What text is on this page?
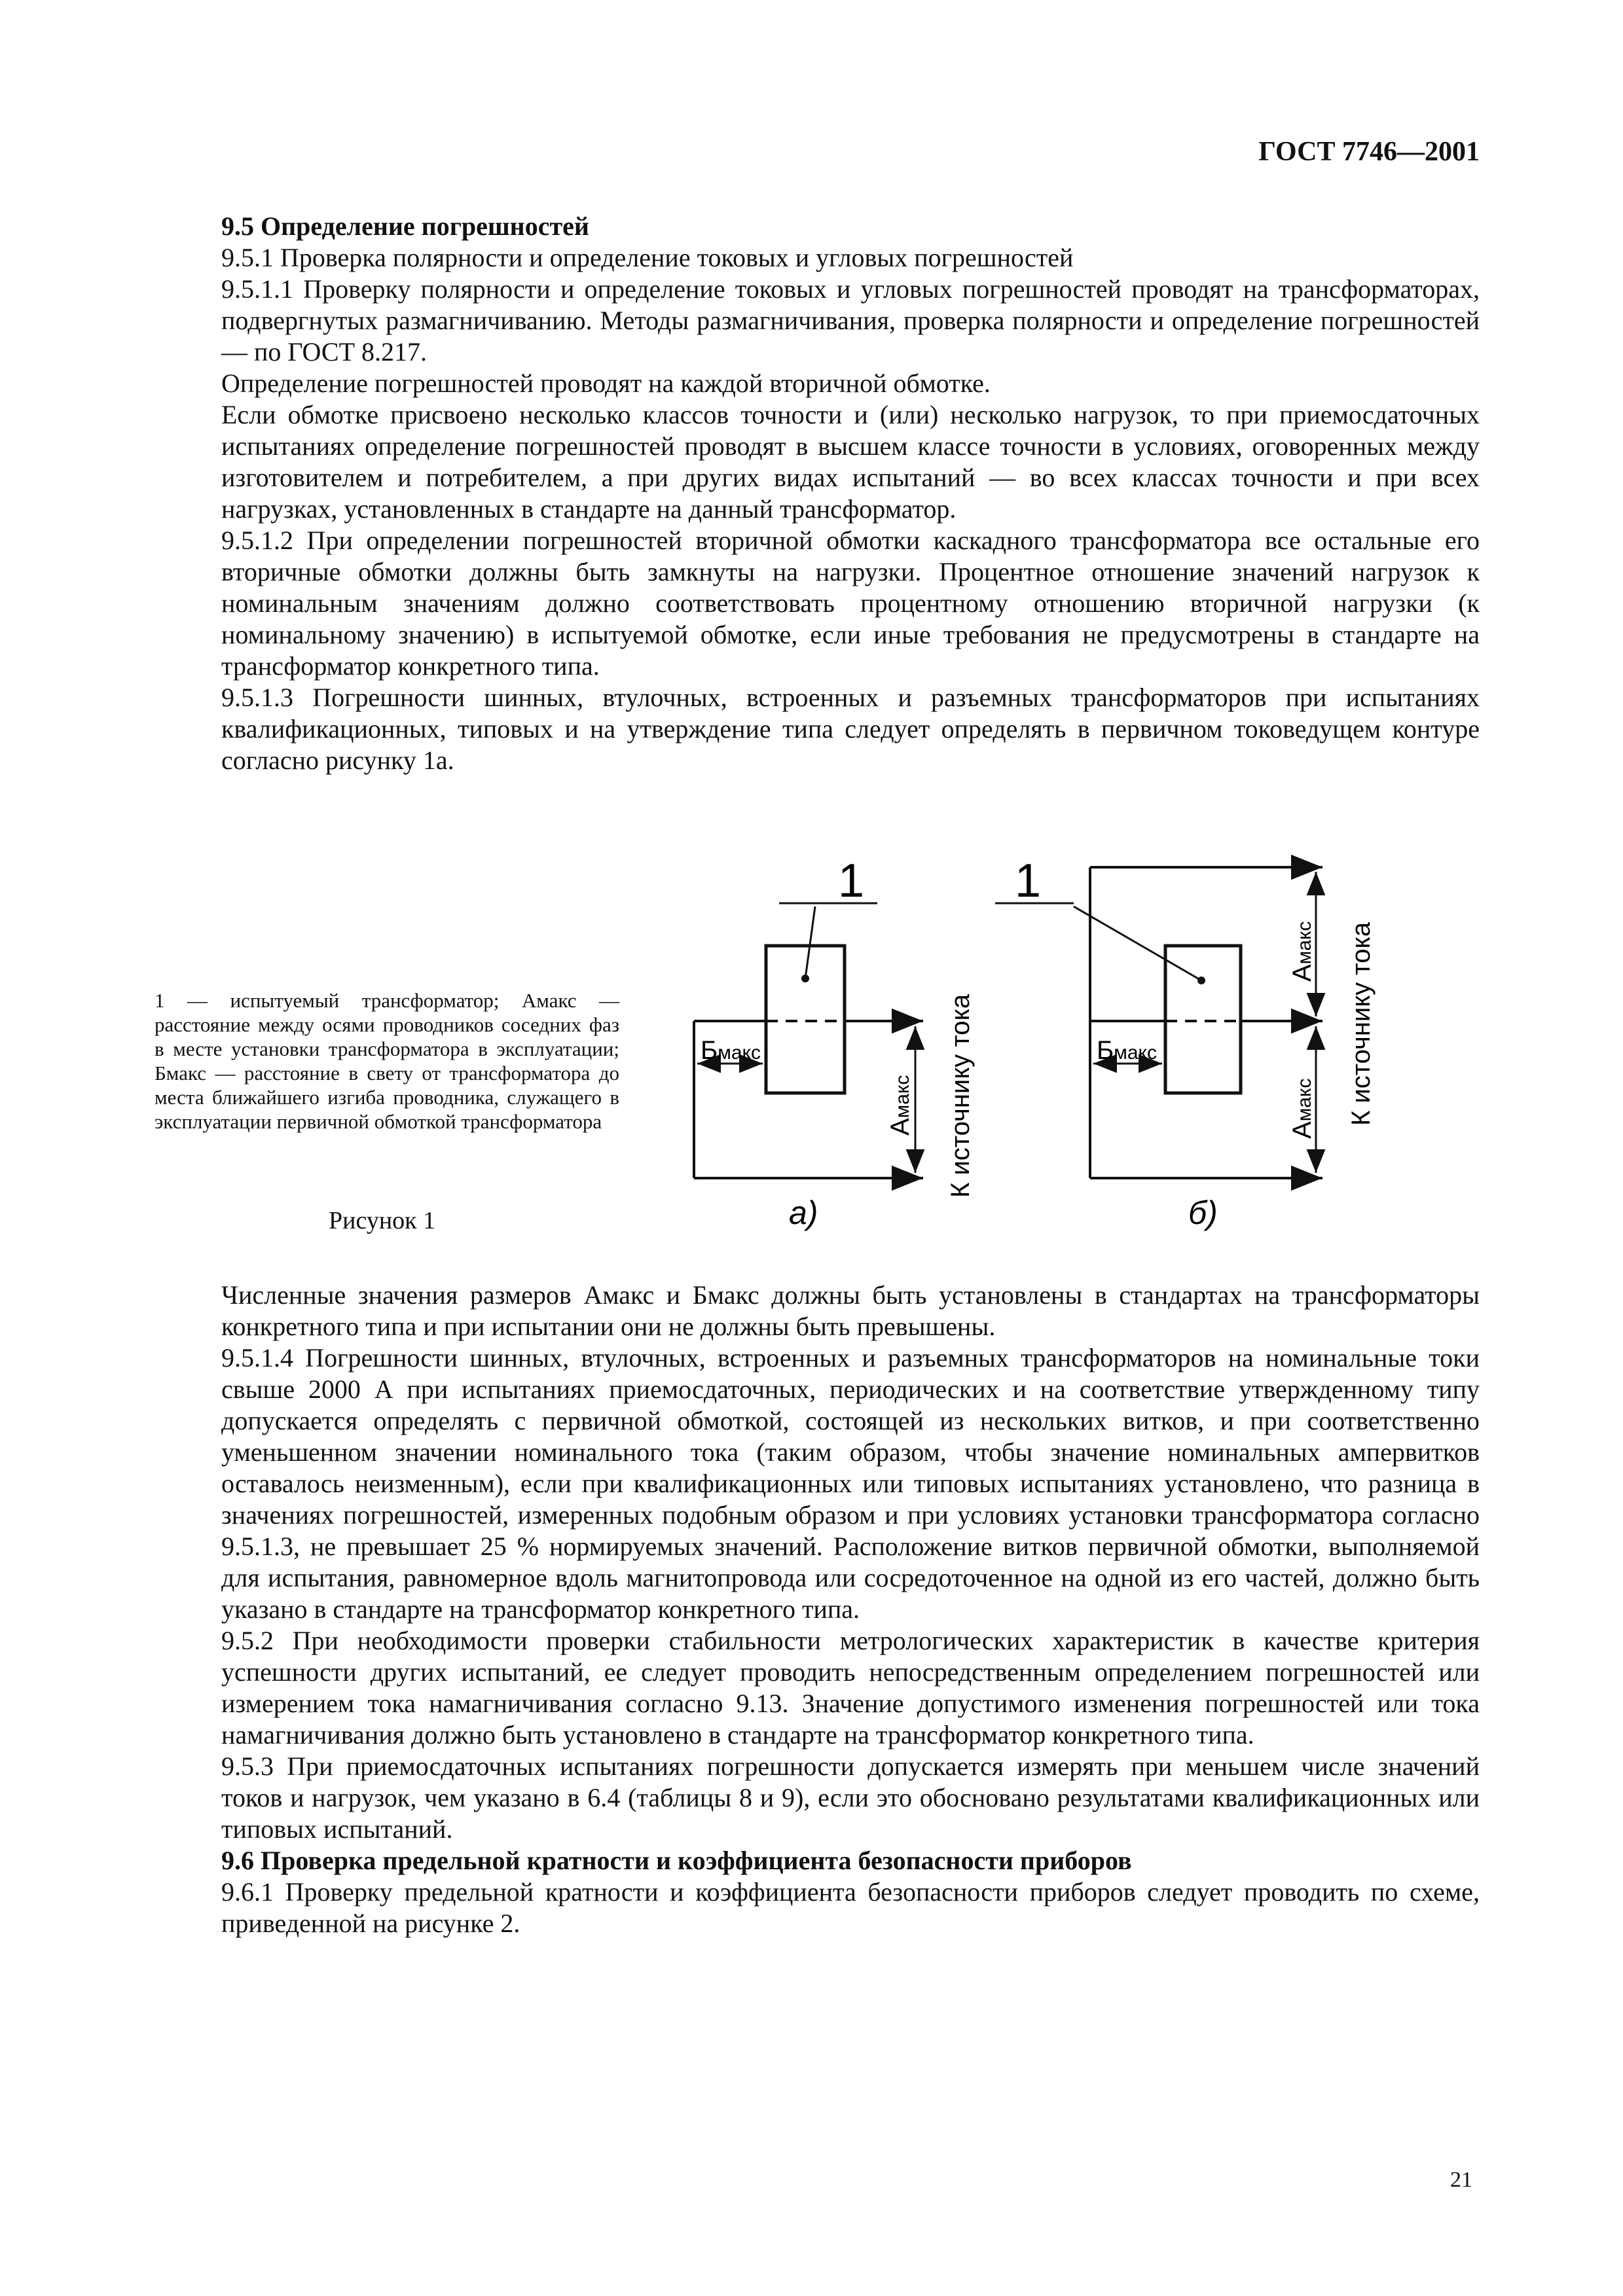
ГОСТ 7746—2001

9.5 Определение погрешностей

9.5.1 Проверка полярности и определение токовых и угловых погрешностей

9.5.1.1 Проверку полярности и определение токовых и угловых погрешностей проводят на трансформаторах, подвергнутых размагничиванию. Методы размагничивания, проверка полярности и определение погрешностей — по ГОСТ 8.217.

Определение погрешностей проводят на каждой вторичной обмотке.

Если обмотке присвоено несколько классов точности и (или) несколько нагрузок, то при приемосдаточных испытаниях определение погрешностей проводят в высшем классе точности в условиях, оговоренных между изготовителем и потребителем, а при других видах испытаний — во всех классах точности и при всех нагрузках, установленных в стандарте на данный трансформатор.

9.5.1.2 При определении погрешностей вторичной обмотки каскадного трансформатора все остальные его вторичные обмотки должны быть замкнуты на нагрузки. Процентное отношение значений нагрузок к номинальным значениям должно соответствовать процентному отношению вторичной нагрузки (к номинальному значению) в испытуемой обмотке, если иные требования не предусмотрены в стандарте на трансформатор конкретного типа.

9.5.1.3 Погрешности шинных, втулочных, встроенных и разъемных трансформаторов при испытаниях квалификационных, типовых и на утверждение типа следует определять в первичном токоведущем контуре согласно рисунку 1а.

1 — испытуемый трансформатор; Aмакс — расстояние между осями проводников соседних фаз в месте установки трансформатора в эксплуатации; Бмакс — расстояние в свету от трансформатора до места ближайшего изгиба проводника, служащего в эксплуатации первичной обмоткой трансформатора
Рисунок 1
1
Бмакс
Aмакс К источнику тока
а)
1
Бмакс
Aмакс
Aмакс К источнику тока
б)

Численные значения размеров Aмакс и Бмакс должны быть установлены в стандартах на трансформаторы конкретного типа и при испытании они не должны быть превышены.

9.5.1.4 Погрешности шинных, втулочных, встроенных и разъемных трансформаторов на номинальные токи свыше 2000 А при испытаниях приемосдаточных, периодических и на соответствие утвержденному типу допускается определять с первичной обмоткой, состоящей из нескольких витков, и при соответственно уменьшенном значении номинального тока (таким образом, чтобы значение номинальных ампервитков оставалось неизменным), если при квалификационных или типовых испытаниях установлено, что разница в значениях погрешностей, измеренных подобным образом и при условиях установки трансформатора согласно 9.5.1.3, не превышает 25 % нормируемых значений. Расположение витков первичной обмотки, выполняемой для испытания, равномерное вдоль магнитопровода или сосредоточенное на одной из его частей, должно быть указано в стандарте на трансформатор конкретного типа.

9.5.2 При необходимости проверки стабильности метрологических характеристик в качестве критерия успешности других испытаний, ее следует проводить непосредственным определением погрешностей или измерением тока намагничивания согласно 9.13. Значение допустимого изменения погрешностей или тока намагничивания должно быть установлено в стандарте на трансформатор конкретного типа.

9.5.3 При приемосдаточных испытаниях погрешности допускается измерять при меньшем числе значений токов и нагрузок, чем указано в 6.4 (таблицы 8 и 9), если это обосновано результатами квалификационных или типовых испытаний.

9.6 Проверка предельной кратности и коэффициента безопасности приборов

9.6.1 Проверку предельной кратности и коэффициента безопасности приборов следует проводить по схеме, приведенной на рисунке 2.

21
